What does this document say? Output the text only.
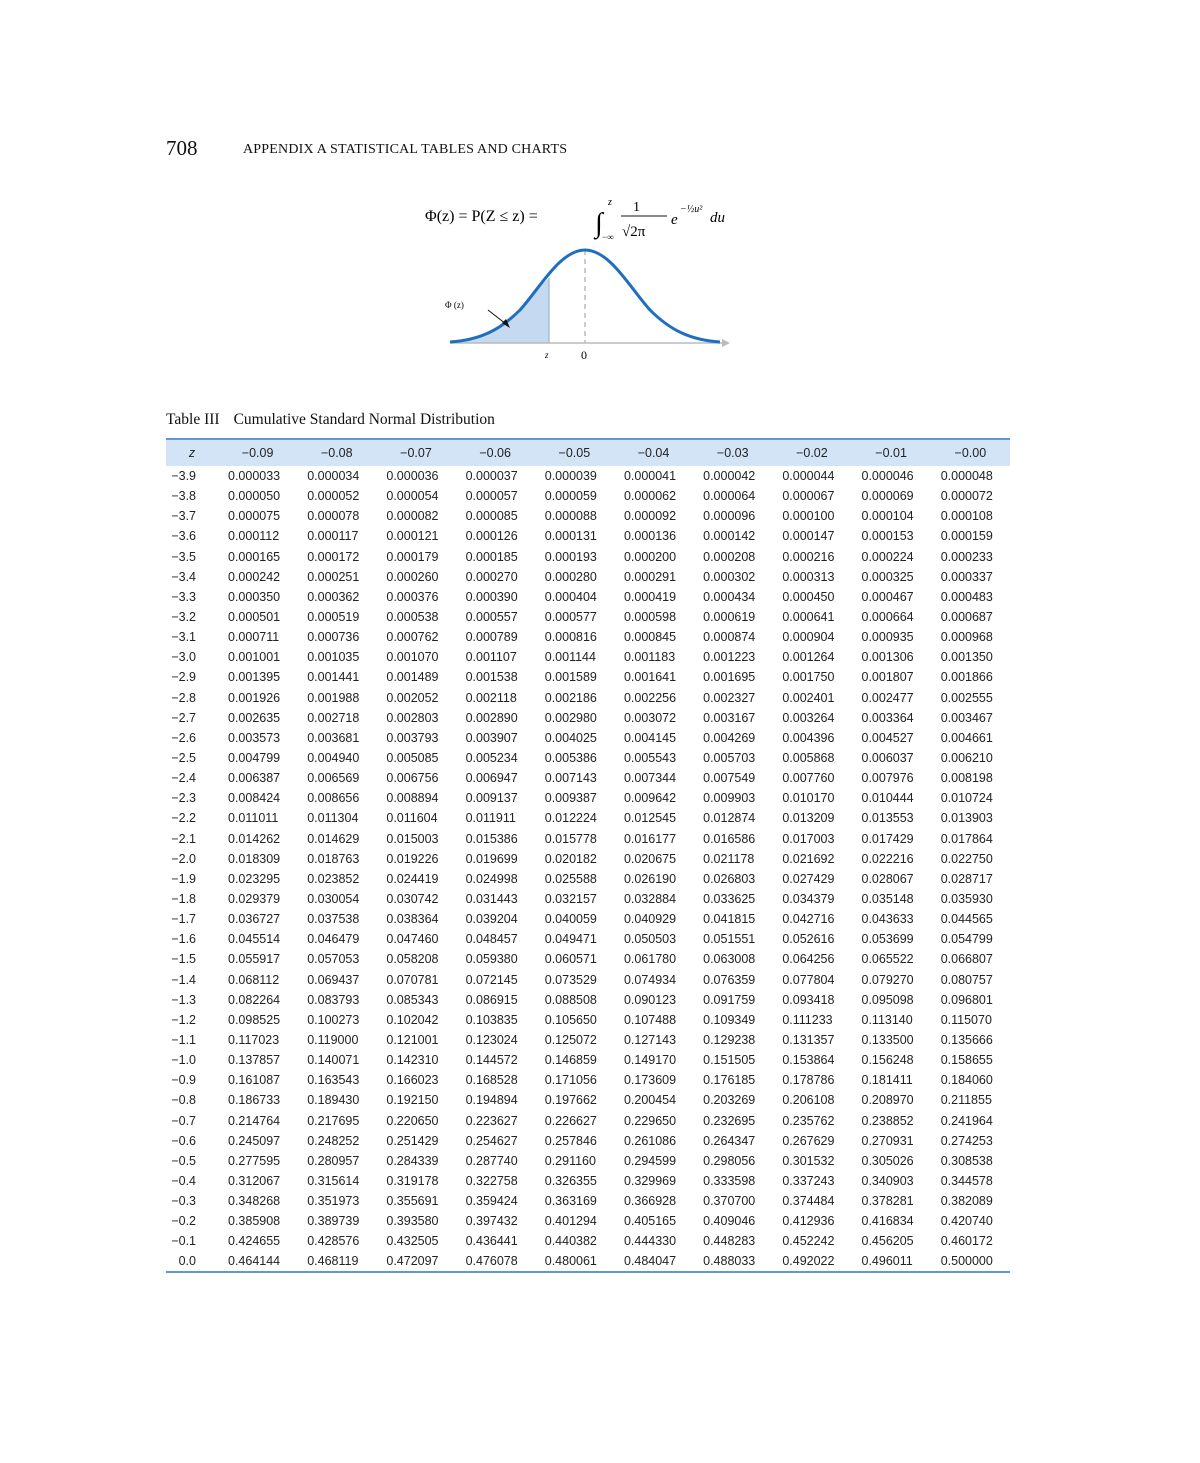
708	APPENDIX A STATISTICAL TABLES AND CHARTS
Φ(z) = P(Z ≤ z) = ∫
z
−∞
1
√2π
e
−½u²
du
Φ (z)
z	0
Table III Cumulative Standard Normal Distribution
z	−0.09	−0.08	−0.07	−0.06	−0.05	−0.04	−0.03	−0.02	−0.01	−0.00
−3.9	0.000033	0.000034	0.000036	0.000037	0.000039	0.000041	0.000042	0.000044	0.000046	0.000048
−3.8	0.000050	0.000052	0.000054	0.000057	0.000059	0.000062	0.000064	0.000067	0.000069	0.000072
−3.7	0.000075	0.000078	0.000082	0.000085	0.000088	0.000092	0.000096	0.000100	0.000104	0.000108
−3.6	0.000112	0.000117	0.000121	0.000126	0.000131	0.000136	0.000142	0.000147	0.000153	0.000159
−3.5	0.000165	0.000172	0.000179	0.000185	0.000193	0.000200	0.000208	0.000216	0.000224	0.000233
−3.4	0.000242	0.000251	0.000260	0.000270	0.000280	0.000291	0.000302	0.000313	0.000325	0.000337
−3.3	0.000350	0.000362	0.000376	0.000390	0.000404	0.000419	0.000434	0.000450	0.000467	0.000483
−3.2	0.000501	0.000519	0.000538	0.000557	0.000577	0.000598	0.000619	0.000641	0.000664	0.000687
−3.1	0.000711	0.000736	0.000762	0.000789	0.000816	0.000845	0.000874	0.000904	0.000935	0.000968
−3.0	0.001001	0.001035	0.001070	0.001107	0.001144	0.001183	0.001223	0.001264	0.001306	0.001350
−2.9	0.001395	0.001441	0.001489	0.001538	0.001589	0.001641	0.001695	0.001750	0.001807	0.001866
−2.8	0.001926	0.001988	0.002052	0.002118	0.002186	0.002256	0.002327	0.002401	0.002477	0.002555
−2.7	0.002635	0.002718	0.002803	0.002890	0.002980	0.003072	0.003167	0.003264	0.003364	0.003467
−2.6	0.003573	0.003681	0.003793	0.003907	0.004025	0.004145	0.004269	0.004396	0.004527	0.004661
−2.5	0.004799	0.004940	0.005085	0.005234	0.005386	0.005543	0.005703	0.005868	0.006037	0.006210
−2.4	0.006387	0.006569	0.006756	0.006947	0.007143	0.007344	0.007549	0.007760	0.007976	0.008198
−2.3	0.008424	0.008656	0.008894	0.009137	0.009387	0.009642	0.009903	0.010170	0.010444	0.010724
−2.2	0.011011	0.011304	0.011604	0.011911	0.012224	0.012545	0.012874	0.013209	0.013553	0.013903
−2.1	0.014262	0.014629	0.015003	0.015386	0.015778	0.016177	0.016586	0.017003	0.017429	0.017864
−2.0	0.018309	0.018763	0.019226	0.019699	0.020182	0.020675	0.021178	0.021692	0.022216	0.022750
−1.9	0.023295	0.023852	0.024419	0.024998	0.025588	0.026190	0.026803	0.027429	0.028067	0.028717
−1.8	0.029379	0.030054	0.030742	0.031443	0.032157	0.032884	0.033625	0.034379	0.035148	0.035930
−1.7	0.036727	0.037538	0.038364	0.039204	0.040059	0.040929	0.041815	0.042716	0.043633	0.044565
−1.6	0.045514	0.046479	0.047460	0.048457	0.049471	0.050503	0.051551	0.052616	0.053699	0.054799
−1.5	0.055917	0.057053	0.058208	0.059380	0.060571	0.061780	0.063008	0.064256	0.065522	0.066807
−1.4	0.068112	0.069437	0.070781	0.072145	0.073529	0.074934	0.076359	0.077804	0.079270	0.080757
−1.3	0.082264	0.083793	0.085343	0.086915	0.088508	0.090123	0.091759	0.093418	0.095098	0.096801
−1.2	0.098525	0.100273	0.102042	0.103835	0.105650	0.107488	0.109349	0.111233	0.113140	0.115070
−1.1	0.117023	0.119000	0.121001	0.123024	0.125072	0.127143	0.129238	0.131357	0.133500	0.135666
−1.0	0.137857	0.140071	0.142310	0.144572	0.146859	0.149170	0.151505	0.153864	0.156248	0.158655
−0.9	0.161087	0.163543	0.166023	0.168528	0.171056	0.173609	0.176185	0.178786	0.181411	0.184060
−0.8	0.186733	0.189430	0.192150	0.194894	0.197662	0.200454	0.203269	0.206108	0.208970	0.211855
−0.7	0.214764	0.217695	0.220650	0.223627	0.226627	0.229650	0.232695	0.235762	0.238852	0.241964
−0.6	0.245097	0.248252	0.251429	0.254627	0.257846	0.261086	0.264347	0.267629	0.270931	0.274253
−0.5	0.277595	0.280957	0.284339	0.287740	0.291160	0.294599	0.298056	0.301532	0.305026	0.308538
−0.4	0.312067	0.315614	0.319178	0.322758	0.326355	0.329969	0.333598	0.337243	0.340903	0.344578
−0.3	0.348268	0.351973	0.355691	0.359424	0.363169	0.366928	0.370700	0.374484	0.378281	0.382089
−0.2	0.385908	0.389739	0.393580	0.397432	0.401294	0.405165	0.409046	0.412936	0.416834	0.420740
−0.1	0.424655	0.428576	0.432505	0.436441	0.440382	0.444330	0.448283	0.452242	0.456205	0.460172
0.0	0.464144	0.468119	0.472097	0.476078	0.480061	0.484047	0.488033	0.492022	0.496011	0.500000
